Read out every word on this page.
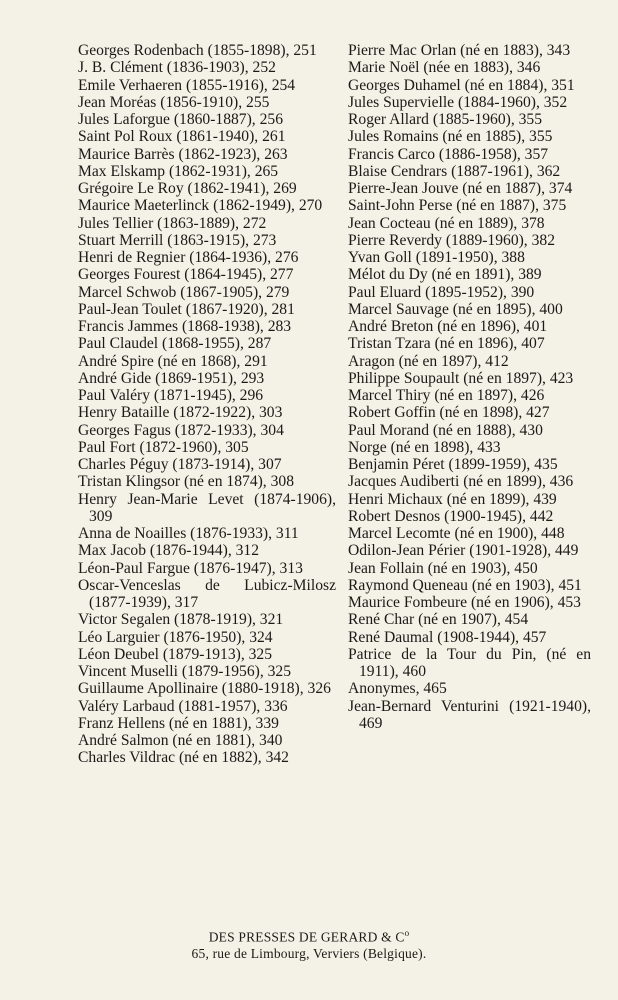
Georges Rodenbach (1855-1898), 251
J. B. Clément (1836-1903), 252
Emile Verhaeren (1855-1916), 254
Jean Moréas (1856-1910), 255
Jules Laforgue (1860-1887), 256
Saint Pol Roux (1861-1940), 261
Maurice Barrès (1862-1923), 263
Max Elskamp (1862-1931), 265
Grégoire Le Roy (1862-1941), 269
Maurice Maeterlinck (1862-1949), 270
Jules Tellier (1863-1889), 272
Stuart Merrill (1863-1915), 273
Henri de Regnier (1864-1936), 276
Georges Fourest (1864-1945), 277
Marcel Schwob (1867-1905), 279
Paul-Jean Toulet (1867-1920), 281
Francis Jammes (1868-1938), 283
Paul Claudel (1868-1955), 287
André Spire (né en 1868), 291
André Gide (1869-1951), 293
Paul Valéry (1871-1945), 296
Henry Bataille (1872-1922), 303
Georges Fagus (1872-1933), 304
Paul Fort (1872-1960), 305
Charles Péguy (1873-1914), 307
Tristan Klingsor (né en 1874), 308
Henry Jean-Marie Levet (1874-1906), 309
Anna de Noailles (1876-1933), 311
Max Jacob (1876-1944), 312
Léon-Paul Fargue (1876-1947), 313
Oscar-Venceslas de Lubicz-Milosz (1877-1939), 317
Victor Segalen (1878-1919), 321
Léo Larguier (1876-1950), 324
Léon Deubel (1879-1913), 325
Vincent Muselli (1879-1956), 325
Guillaume Apollinaire (1880-1918), 326
Valéry Larbaud (1881-1957), 336
Franz Hellens (né en 1881), 339
André Salmon (né en 1881), 340
Charles Vildrac (né en 1882), 342
Pierre Mac Orlan (né en 1883), 343
Marie Noël (née en 1883), 346
Georges Duhamel (né en 1884), 351
Jules Supervielle (1884-1960), 352
Roger Allard (1885-1960), 355
Jules Romains (né en 1885), 355
Francis Carco (1886-1958), 357
Blaise Cendrars (1887-1961), 362
Pierre-Jean Jouve (né en 1887), 374
Saint-John Perse (né en 1887), 375
Jean Cocteau (né en 1889), 378
Pierre Reverdy (1889-1960), 382
Yvan Goll (1891-1950), 388
Mélot du Dy (né en 1891), 389
Paul Eluard (1895-1952), 390
Marcel Sauvage (né en 1895), 400
André Breton (né en 1896), 401
Tristan Tzara (né en 1896), 407
Aragon (né en 1897), 412
Philippe Soupault (né en 1897), 423
Marcel Thiry (né en 1897), 426
Robert Goffin (né en 1898), 427
Paul Morand (né en 1888), 430
Norge (né en 1898), 433
Benjamin Péret (1899-1959), 435
Jacques Audiberti (né en 1899), 436
Henri Michaux (né en 1899), 439
Robert Desnos (1900-1945), 442
Marcel Lecomte (né en 1900), 448
Odilon-Jean Périer (1901-1928), 449
Jean Follain (né en 1903), 450
Raymond Queneau (né en 1903), 451
Maurice Fombeure (né en 1906), 453
René Char (né en 1907), 454
René Daumal (1908-1944), 457
Patrice de la Tour du Pin, (né en 1911), 460
Anonymes, 465
Jean-Bernard Venturini (1921-1940), 469
DES PRESSES DE GERARD & $C^o$
65, rue de Limbourg, Verviers (Belgique).
